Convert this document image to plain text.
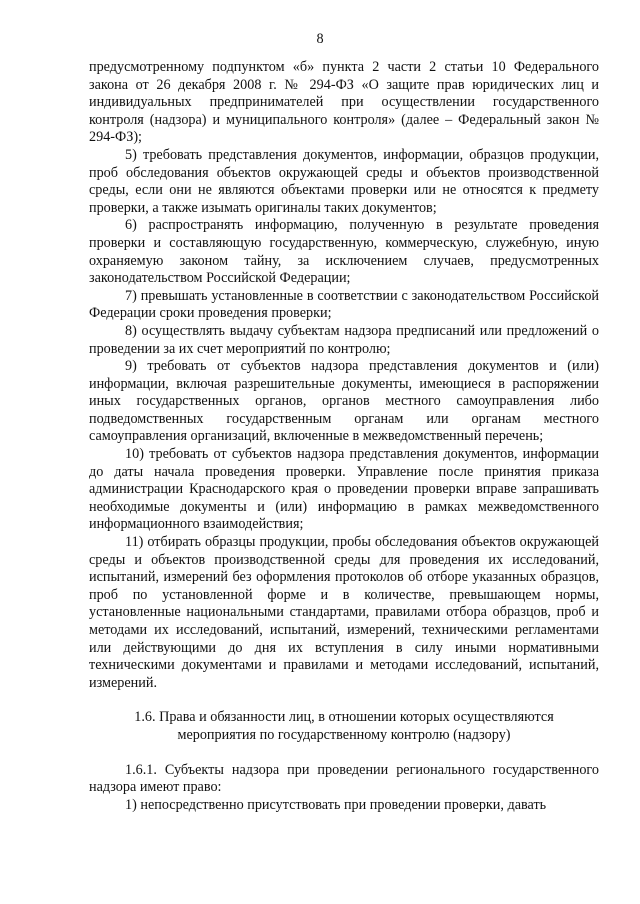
8

предусмотренному подпунктом «б» пункта 2 части 2 статьи 10 Федерального закона от 26 декабря 2008 г. № 294-ФЗ «О защите прав юридических лиц и индивидуальных предпринимателей при осуществлении государственного контроля (надзора) и муниципального контроля» (далее – Федеральный закон № 294-ФЗ);

5) требовать представления документов, информации, образцов продукции, проб обследования объектов окружающей среды и объектов производственной среды, если они не являются объектами проверки или не относятся к предмету проверки, а также изымать оригиналы таких документов;

6) распространять информацию, полученную в результате проведения проверки и составляющую государственную, коммерческую, служебную, иную охраняемую законом тайну, за исключением случаев, предусмотренных законодательством Российской Федерации;

7) превышать установленные в соответствии с законодательством Российской Федерации сроки проведения проверки;

8) осуществлять выдачу субъектам надзора предписаний или предложений о проведении за их счет мероприятий по контролю;

9) требовать от субъектов надзора представления документов и (или) информации, включая разрешительные документы, имеющиеся в распоряжении иных государственных органов, органов местного самоуправления либо подведомственных государственным органам или органам местного самоуправления организаций, включенные в межведомственный перечень;

10) требовать от субъектов надзора представления документов, информации до даты начала проведения проверки. Управление после принятия приказа администрации Краснодарского края о проведении проверки вправе запрашивать необходимые документы и (или) информацию в рамках межведомственного информационного взаимодействия;

11) отбирать образцы продукции, пробы обследования объектов окружающей среды и объектов производственной среды для проведения их исследований, испытаний, измерений без оформления протоколов об отборе указанных образцов, проб по установленной форме и в количестве, превышающем нормы, установленные национальными стандартами, правилами отбора образцов, проб и методами их исследований, испытаний, измерений, техническими регламентами или действующими до дня их вступления в силу иными нормативными техническими документами и правилами и методами исследований, испытаний, измерений.

1.6. Права и обязанности лиц, в отношении которых осуществляются
мероприятия по государственному контролю (надзору)

1.6.1. Субъекты надзора при проведении регионального государственного надзора имеют право:

1) непосредственно присутствовать при проведении проверки, давать
